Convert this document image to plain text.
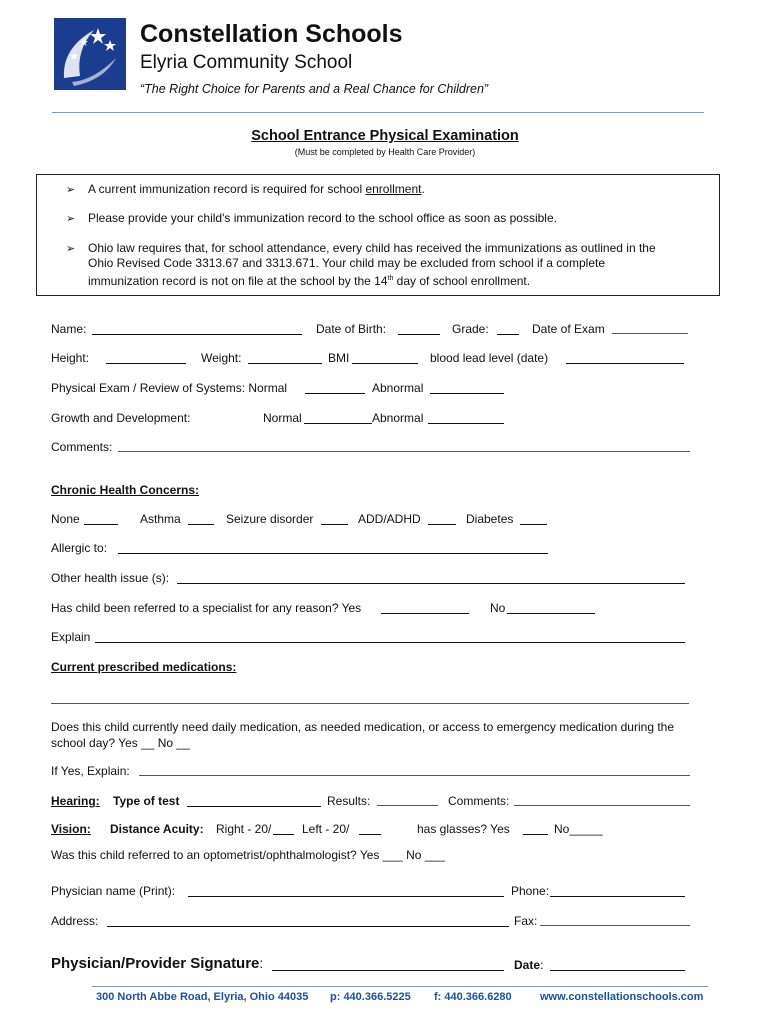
Constellation Schools
Elyria Community School
“The Right Choice for Parents and a Real Chance for Children”
School Entrance Physical Examination
(Must be completed by Health Care Provider)
➢ A current immunization record is required for school enrollment.
➢ Please provide your child's immunization record to the school office as soon as possible.
➢ Ohio law requires that, for school attendance, every child has received the immunizations as outlined in the
Ohio Revised Code 3313.67 and 3313.671. Your child may be excluded from school if a complete
immunization record is not on file at the school by the 14th day of school enrollment.
Name:	Date of Birth:	Grade:	Date of Exam
Height:	Weight:	BMI	blood lead level (date)
Physical Exam / Review of Systems: Normal	Abnormal
Growth and Development:	Normal	Abnormal
Comments:
Chronic Health Concerns:
None	Asthma	Seizure disorder	ADD/ADHD	Diabetes
Allergic to:
Other health issue (s):
Has child been referred to a specialist for any reason? Yes	No
Explain
Current prescribed medications:
Does this child currently need daily medication, as needed medication, or access to emergency medication during the
school day? Yes __ No __
If Yes, Explain:
Hearing: Type of test	Results:	Comments:
Vision: Distance Acuity: Right - 20/	Left - 20/	has glasses? Yes	No_____
Was this child referred to an optometrist/ophthalmologist? Yes ___ No ___
Physician name (Print):	Phone:
Address:	Fax:
Physician/Provider Signature:	Date:
300 North Abbe Road, Elyria, Ohio 44035 p: 440.366.5225 f: 440.366.6280	www.constellationschools.com
